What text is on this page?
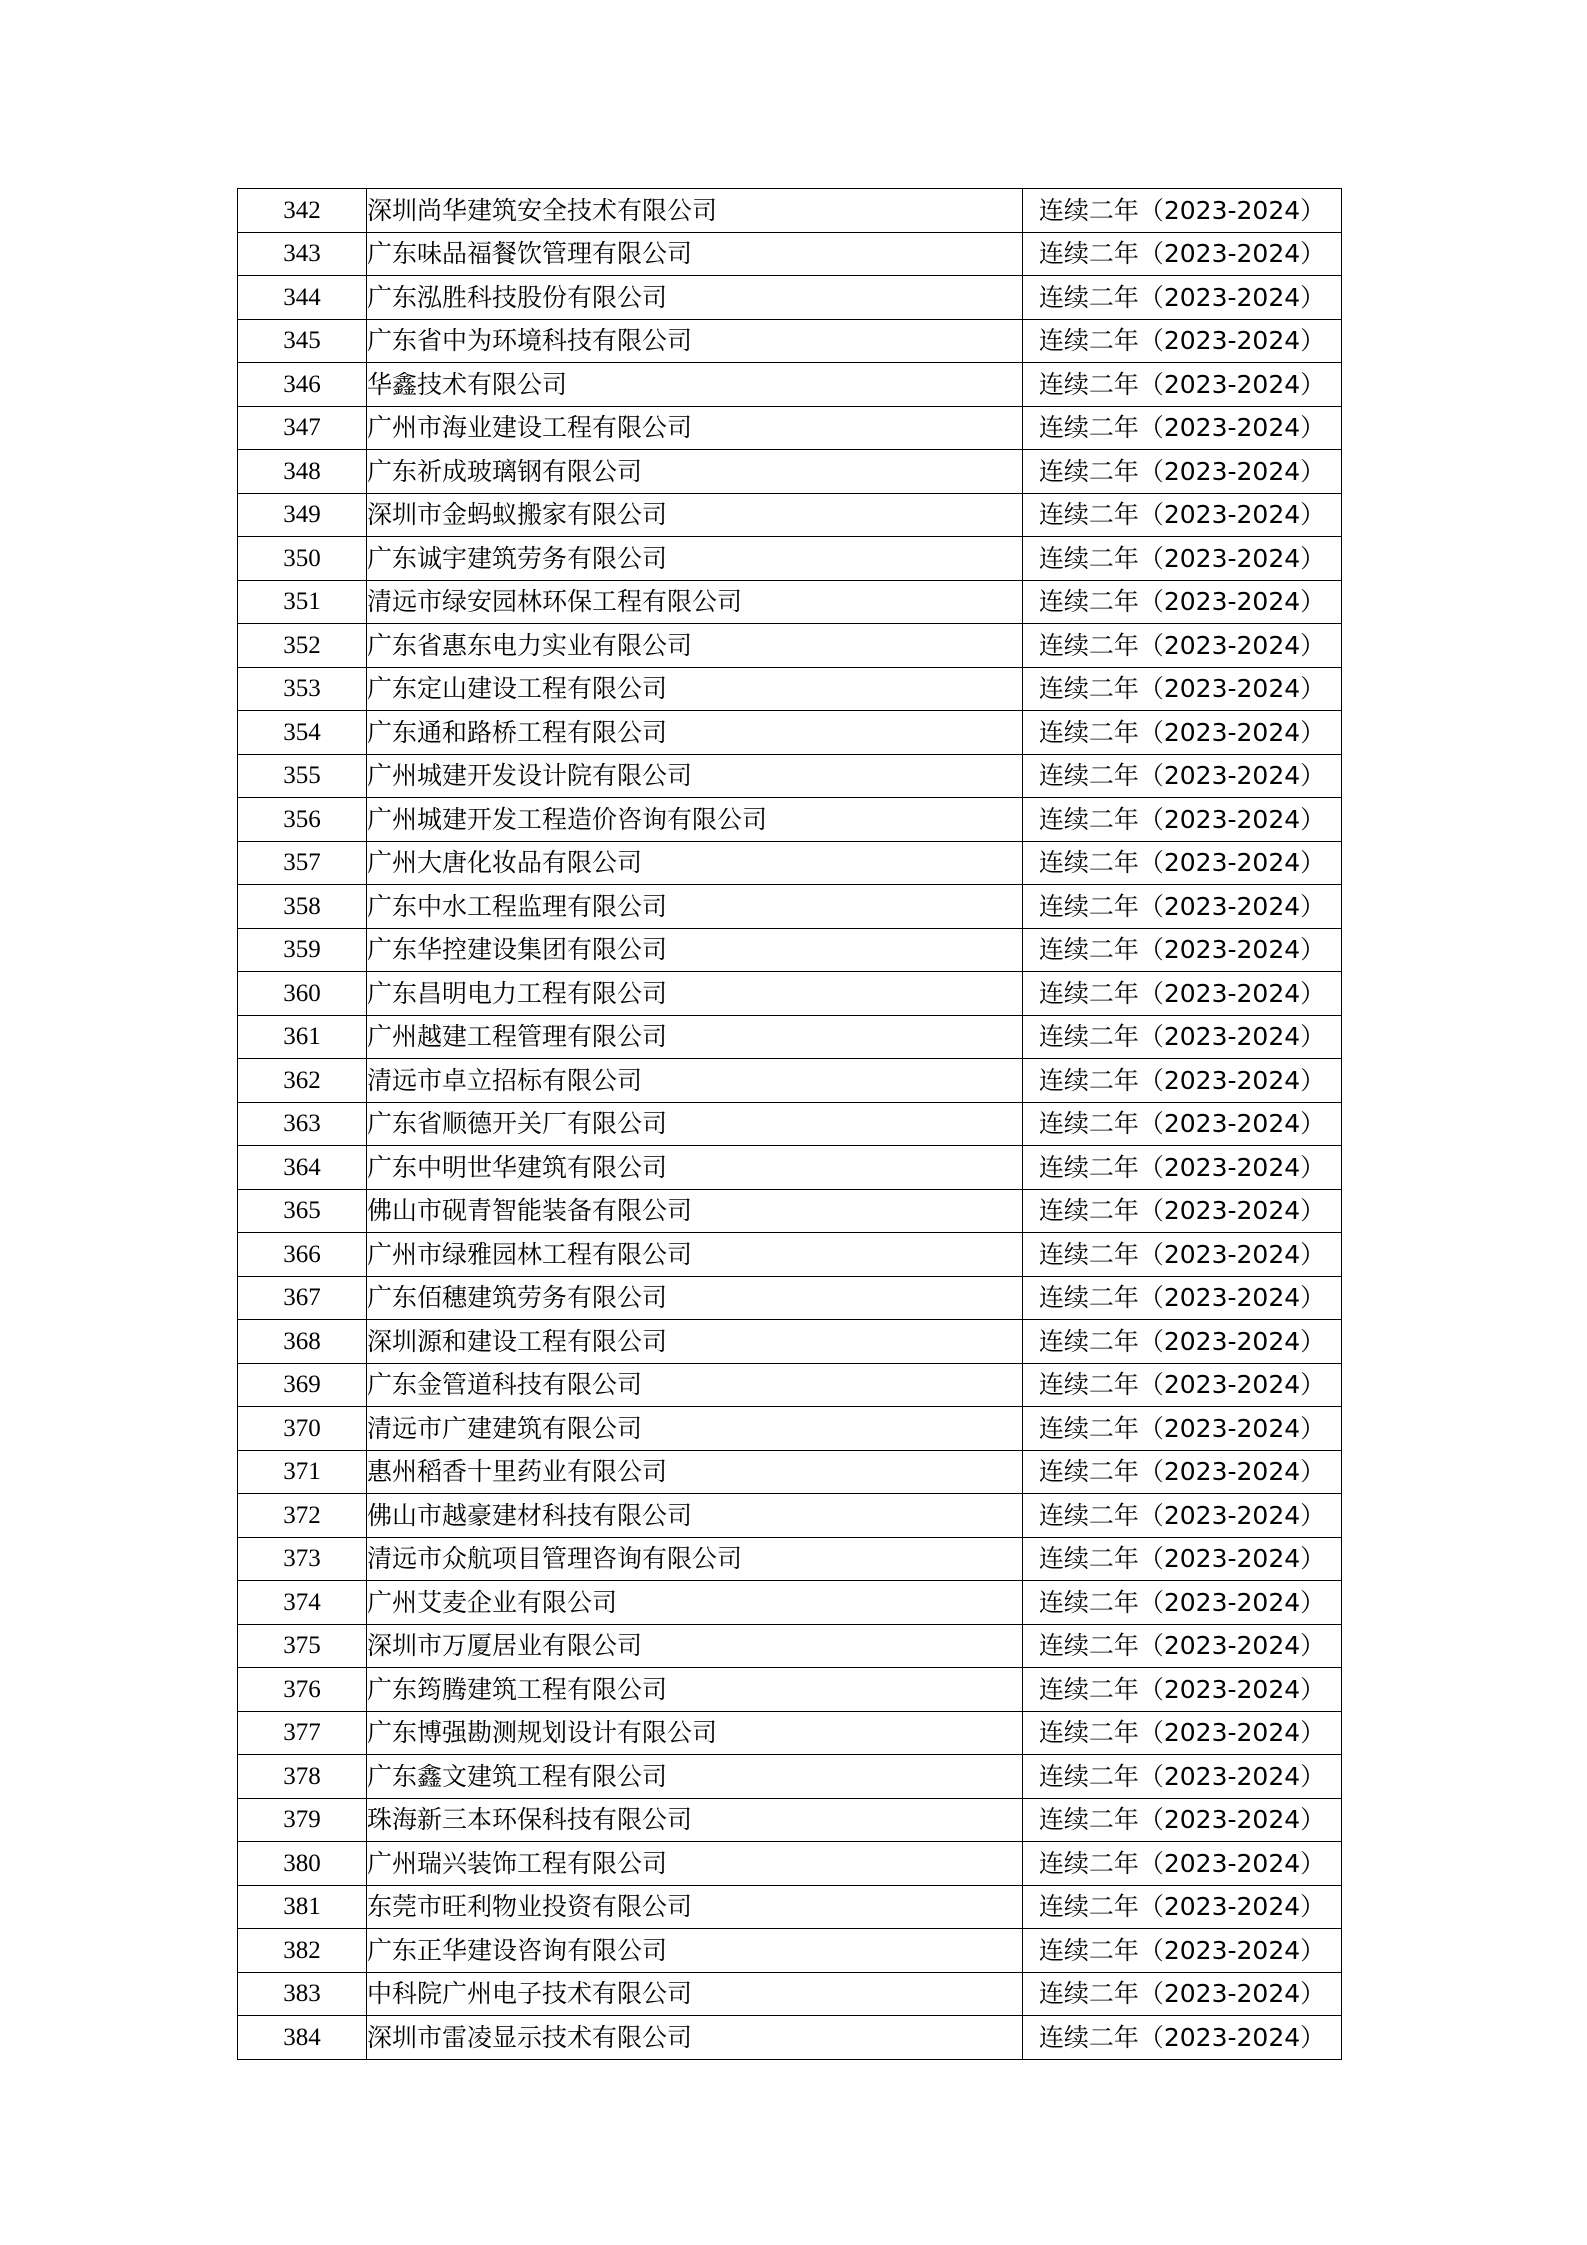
342	深圳尚华建筑安全技术有限公司	连续二年（2023-2024）
343	广东味品福餐饮管理有限公司	连续二年（2023-2024）
344	广东泓胜科技股份有限公司	连续二年（2023-2024）
345	广东省中为环境科技有限公司	连续二年（2023-2024）
346	华鑫技术有限公司	连续二年（2023-2024）
347	广州市海业建设工程有限公司	连续二年（2023-2024）
348	广东祈成玻璃钢有限公司	连续二年（2023-2024）
349	深圳市金蚂蚁搬家有限公司	连续二年（2023-2024）
350	广东诚宇建筑劳务有限公司	连续二年（2023-2024）
351	清远市绿安园林环保工程有限公司	连续二年（2023-2024）
352	广东省惠东电力实业有限公司	连续二年（2023-2024）
353	广东定山建设工程有限公司	连续二年（2023-2024）
354	广东通和路桥工程有限公司	连续二年（2023-2024）
355	广州城建开发设计院有限公司	连续二年（2023-2024）
356	广州城建开发工程造价咨询有限公司	连续二年（2023-2024）
357	广州大唐化妆品有限公司	连续二年（2023-2024）
358	广东中水工程监理有限公司	连续二年（2023-2024）
359	广东华控建设集团有限公司	连续二年（2023-2024）
360	广东昌明电力工程有限公司	连续二年（2023-2024）
361	广州越建工程管理有限公司	连续二年（2023-2024）
362	清远市卓立招标有限公司	连续二年（2023-2024）
363	广东省顺德开关厂有限公司	连续二年（2023-2024）
364	广东中明世华建筑有限公司	连续二年（2023-2024）
365	佛山市砚青智能装备有限公司	连续二年（2023-2024）
366	广州市绿雅园林工程有限公司	连续二年（2023-2024）
367	广东佰穗建筑劳务有限公司	连续二年（2023-2024）
368	深圳源和建设工程有限公司	连续二年（2023-2024）
369	广东金管道科技有限公司	连续二年（2023-2024）
370	清远市广建建筑有限公司	连续二年（2023-2024）
371	惠州稻香十里药业有限公司	连续二年（2023-2024）
372	佛山市越豪建材科技有限公司	连续二年（2023-2024）
373	清远市众航项目管理咨询有限公司	连续二年（2023-2024）
374	广州艾麦企业有限公司	连续二年（2023-2024）
375	深圳市万厦居业有限公司	连续二年（2023-2024）
376	广东筠腾建筑工程有限公司	连续二年（2023-2024）
377	广东博强勘测规划设计有限公司	连续二年（2023-2024）
378	广东鑫文建筑工程有限公司	连续二年（2023-2024）
379	珠海新三本环保科技有限公司	连续二年（2023-2024）
380	广州瑞兴装饰工程有限公司	连续二年（2023-2024）
381	东莞市旺利物业投资有限公司	连续二年（2023-2024）
382	广东正华建设咨询有限公司	连续二年（2023-2024）
383	中科院广州电子技术有限公司	连续二年（2023-2024）
384	深圳市雷凌显示技术有限公司	连续二年（2023-2024）
